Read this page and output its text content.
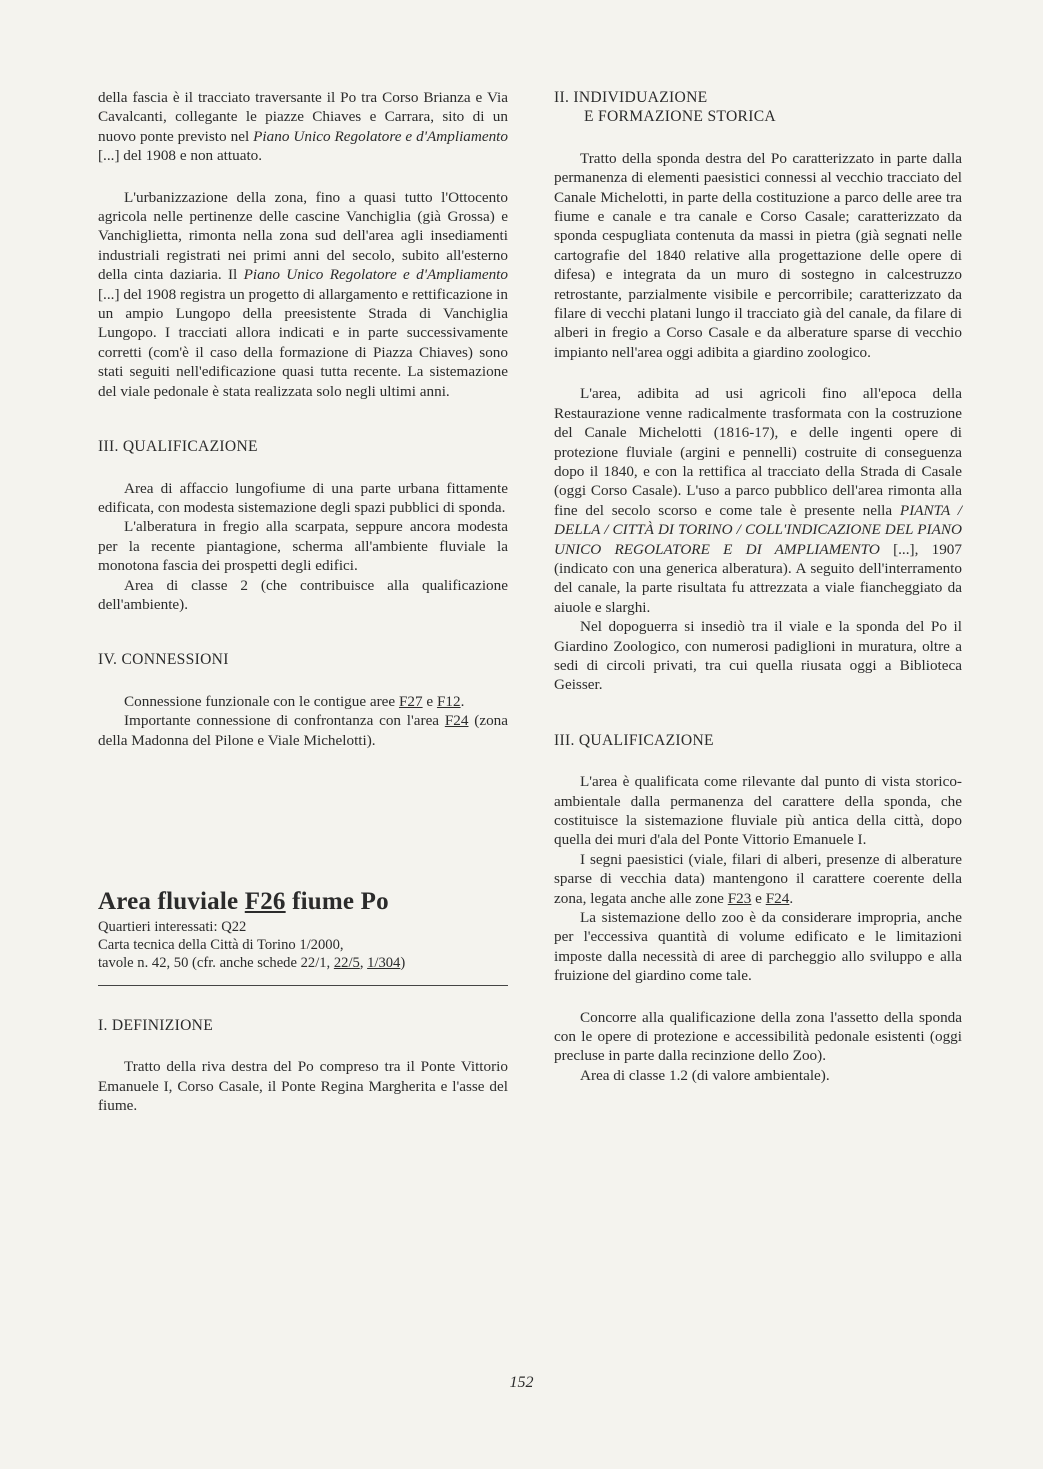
della fascia è il tracciato traversante il Po tra Corso Brianza e Via Cavalcanti, collegante le piazze Chiaves e Carrara, sito di un nuovo ponte previsto nel Piano Unico Regolatore e d'Ampliamento [...] del 1908 e non attuato.

L'urbanizzazione della zona, fino a quasi tutto l'Ottocento agricola nelle pertinenze delle cascine Vanchiglia (già Grossa) e Vanchiglietta, rimonta nella zona sud dell'area agli insediamenti industriali registrati nei primi anni del secolo, subito all'esterno della cinta daziaria. Il Piano Unico Regolatore e d'Ampliamento [...] del 1908 registra un progetto di allargamento e rettificazione in un ampio Lungopo della preesistente Strada di Vanchiglia Lungopo. I tracciati allora indicati e in parte successivamente corretti (com'è il caso della formazione di Piazza Chiaves) sono stati seguiti nell'edificazione quasi tutta recente. La sistemazione del viale pedonale è stata realizzata solo negli ultimi anni.

III. QUALIFICAZIONE

Area di affaccio lungofiume di una parte urbana fittamente edificata, con modesta sistemazione degli spazi pubblici di sponda.

L'alberatura in fregio alla scarpata, seppure ancora modesta per la recente piantagione, scherma all'ambiente fluviale la monotona fascia dei prospetti degli edifici.

Area di classe 2 (che contribuisce alla qualificazione dell'ambiente).

IV. CONNESSIONI

Connessione funzionale con le contigue aree F27 e F12.

Importante connessione di confrontanza con l'area F24 (zona della Madonna del Pilone e Viale Michelotti).

Area fluviale F26 fiume Po

Quartieri interessati: Q22

Carta tecnica della Città di Torino 1/2000,

tavole n. 42, 50 (cfr. anche schede 22/1, 22/5, 1/304)

I. DEFINIZIONE

Tratto della riva destra del Po compreso tra il Ponte Vittorio Emanuele I, Corso Casale, il Ponte Regina Margherita e l'asse del fiume.

II. INDIVIDUAZIONE

E FORMAZIONE STORICA

Tratto della sponda destra del Po caratterizzato in parte dalla permanenza di elementi paesistici connessi al vecchio tracciato del Canale Michelotti, in parte della costituzione a parco delle aree tra fiume e canale e tra canale e Corso Casale; caratterizzato da sponda cespugliata contenuta da massi in pietra (già segnati nelle cartografie del 1840 relative alla progettazione delle opere di difesa) e integrata da un muro di sostegno in calcestruzzo retrostante, parzialmente visibile e percorribile; caratterizzato da filare di vecchi platani lungo il tracciato già del canale, da filare di alberi in fregio a Corso Casale e da alberature sparse di vecchio impianto nell'area oggi adibita a giardino zoologico.

L'area, adibita ad usi agricoli fino all'epoca della Restaurazione venne radicalmente trasformata con la costruzione del Canale Michelotti (1816-17), e delle ingenti opere di protezione fluviale (argini e pennelli) costruite di conseguenza dopo il 1840, e con la rettifica al tracciato della Strada di Casale (oggi Corso Casale). L'uso a parco pubblico dell'area rimonta alla fine del secolo scorso e come tale è presente nella PIANTA / DELLA / CITTÀ DI TORINO / COLL'INDICAZIONE DEL PIANO UNICO REGOLATORE E DI AMPLIAMENTO [...], 1907 (indicato con una generica alberatura). A seguito dell'interramento del canale, la parte risultata fu attrezzata a viale fiancheggiato da aiuole e slarghi.

Nel dopoguerra si insediò tra il viale e la sponda del Po il Giardino Zoologico, con numerosi padiglioni in muratura, oltre a sedi di circoli privati, tra cui quella riusata oggi a Biblioteca Geisser.

III. QUALIFICAZIONE

L'area è qualificata come rilevante dal punto di vista storico-ambientale dalla permanenza del carattere della sponda, che costituisce la sistemazione fluviale più antica della città, dopo quella dei muri d'ala del Ponte Vittorio Emanuele I.

I segni paesistici (viale, filari di alberi, presenze di alberature sparse di vecchia data) mantengono il carattere coerente della zona, legata anche alle zone F23 e F24.

La sistemazione dello zoo è da considerare impropria, anche per l'eccessiva quantità di volume edificato e le limitazioni imposte dalla necessità di aree di parcheggio allo sviluppo e alla fruizione del giardino come tale.

Concorre alla qualificazione della zona l'assetto della sponda con le opere di protezione e accessibilità pedonale esistenti (oggi precluse in parte dalla recinzione dello Zoo).

Area di classe 1.2 (di valore ambientale).

152
